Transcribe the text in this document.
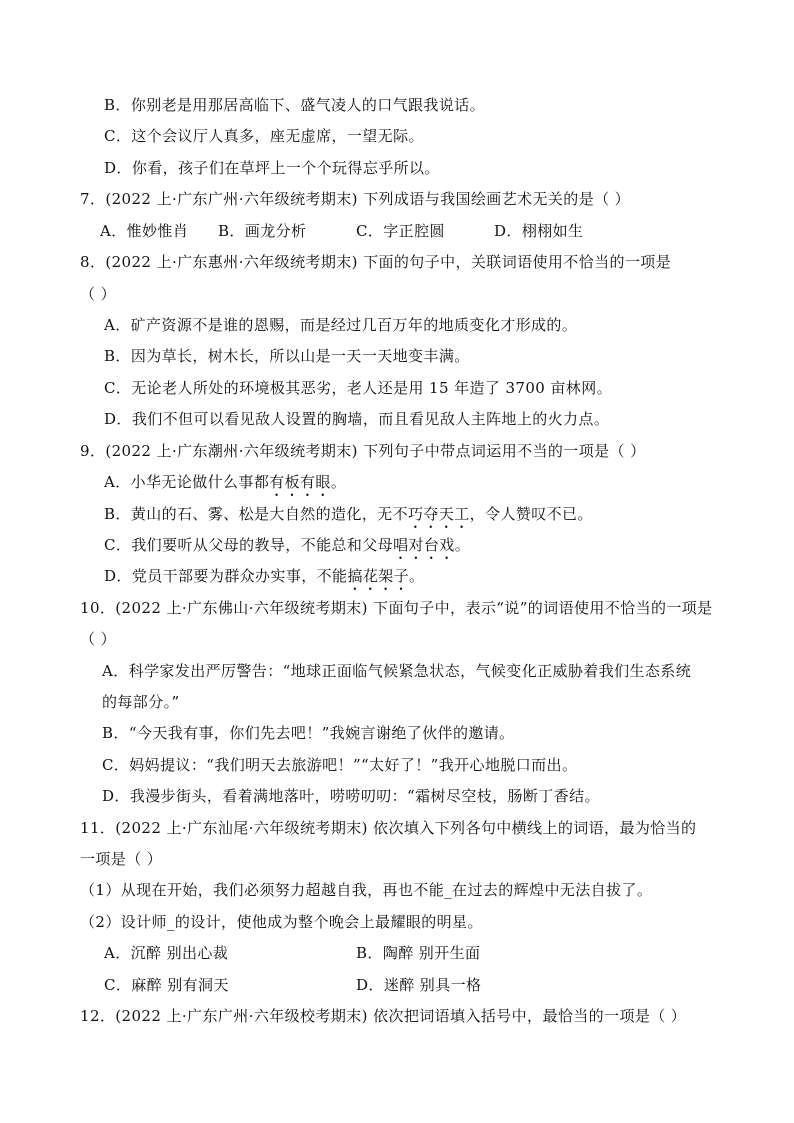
B．你别老是用那居高临下、盛气凌人的口气跟我说话。
C．这个会议厅人真多，座无虚席，一望无际。
D．你看，孩子们在草坪上一个个玩得忘乎所以。
7．(2022 上·广东广州·六年级统考期末) 下列成语与我国绘画艺术无关的是（ ）
A．惟妙惟肖 B．画龙分析	C．字正腔圆	D．栩栩如生
8．(2022 上·广东惠州·六年级统考期末) 下面的句子中，关联词语使用不恰当的一项是
（ ）
A．矿产资源不是谁的恩赐，而是经过几百万年的地质变化才形成的。
B．因为草长，树木长，所以山是一天一天地变丰满。
C．无论老人所处的环境极其恶劣，老人还是用 15 年造了 3700 亩林网。
D．我们不但可以看见敌人设置的胸墙，而且看见敌人主阵地上的火力点。
9．(2022 上·广东潮州·六年级统考期末) 下列句子中带点词运用不当的一项是（ ）
A．小华无论做什么事都有板有眼。
B．黄山的石、雾、松是大自然的造化，无不巧夺天工，令人赞叹不已。
C．我们要听从父母的教导，不能总和父母唱对台戏。
D．党员干部要为群众办实事，不能搞花架子。
10．(2022 上·广东佛山·六年级统考期末) 下面句子中，表示“说”的词语使用不恰当的一项是
（ ）
A．科学家发出严厉警告：“地球正面临气候紧急状态，气候变化正威胁着我们生态系统
的每部分。”
B．“今天我有事，你们先去吧！”我婉言谢绝了伙伴的邀请。
C．妈妈提议：“我们明天去旅游吧！”“太好了！”我开心地脱口而出。
D．我漫步街头，看着满地落叶，唠唠叨叨：“霜树尽空枝，肠断丁香结。
11．(2022 上·广东汕尾·六年级统考期末) 依次填入下列各句中横线上的词语，最为恰当的
一项是（ ）
（1）从现在开始，我们必须努力超越自我，再也不能_在过去的辉煌中无法自拔了。
（2）设计师_的设计，使他成为整个晚会上最耀眼的明星。
A．沉醉 别出心裁	B．陶醉 别开生面
C．麻醉 别有洞天	D．迷醉 别具一格
12．(2022 上·广东广州·六年级校考期末) 依次把词语填入括号中，最恰当的一项是（ ）
